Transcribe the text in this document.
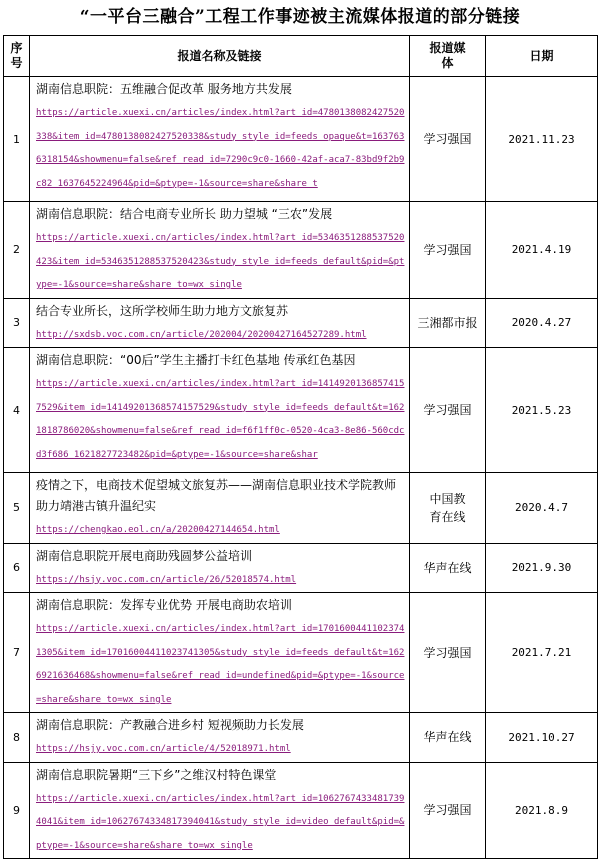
“一平台三融合”工程工作事迹被主流媒体报道的部分链接
序号	报道名称及链接	报道媒体	日期
1	湖南信息职院：五维融合促改革 服务地方共发展
https://article.xuexi.cn/articles/index.html?art_id=4780138082427520338&item_id=4780138082427520338&study_style_id=feeds_opaque&t=1637636318154&showmenu=false&ref_read_id=7290c9c0-1660-42af-aca7-83bd9f2b9c82_1637645224964&pid=&ptype=-1&source=share&share_t	学习强国	2021.11.23
2	湖南信息职院：结合电商专业所长 助力望城 “三农”发展
https://article.xuexi.cn/articles/index.html?art_id=5346351288537520423&item_id=5346351288537520423&study_style_id=feeds_default&pid=&ptype=-1&source=share&share_to=wx_single	学习强国	2021.4.19
3	结合专业所长，这所学校师生助力地方文旅复苏
http://sxdsb.voc.com.cn/article/202004/202004271645272​89.html	三湘都市报	2020.4.27
4	湖南信息职院：“00后”学生主播打卡红色基地 传承红色基因
https://article.xuexi.cn/articles/index.html?art_id=14149201368574157529&item_id=14149201368574157529&study_style_id=feeds_default&t=1621818786020&showmenu=false&ref_read_id=f6f1ff0c-0520-4ca3-8e86-560cdcd3f686_1621827723482&pid=&ptype=-1&source=share&shar	学习强国	2021.5.23
5	疫情之下，电商技术促望城文旅复苏——湖南信息职业技术学院教师助力靖港古镇升温纪实
https://chengkao.eol.cn/a/20200427144654.html	中国教育在线	2020.4.7
6	湖南信息职院开展电商助残圆梦公益培训
https://hsjy.voc.com.cn/article/26/52018574.html	华声在线	2021.9.30
7	湖南信息职院：发挥专业优势 开展电商助农培训
https://article.xuexi.cn/articles/index.html?art_id=17016004411023741305&item_id=17016004411023741305&study_style_id=feeds_default&t=1626921636468&showmenu=false&ref_read_id=undefined&pid=&ptype=-1&source=share&share_to=wx_single	学习强国	2021.7.21
8	湖南信息职院：产教融合进乡村 短视频助力长发展
https://hsjy.voc.com.cn/article/4/52018971.html	华声在线	2021.10.27
9	湖南信息职院暑期“三下乡”之维汉村特色课堂
https://article.xuexi.cn/articles/index.html?art_id=10627674334817394041&item_id=10627674334817394041&study_style_id=video_default&pid=&ptype=-1&source=share&share_to=wx_single	学习强国	2021.8.9
